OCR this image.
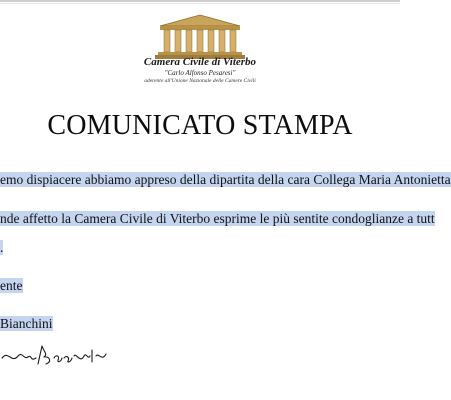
Camera Civile di Viterbo
"Carlo Alfonso Pesaresi"
aderente all'Unione Nazionale delle Camere Civili
COMUNICATO STAMPA
emo dispiacere abbiamo appreso della dipartita della cara Collega Maria Antonietta
nde affetto la Camera Civile di Viterbo esprime le più sentite condoglianze a tutt
.
ente
Bianchini
